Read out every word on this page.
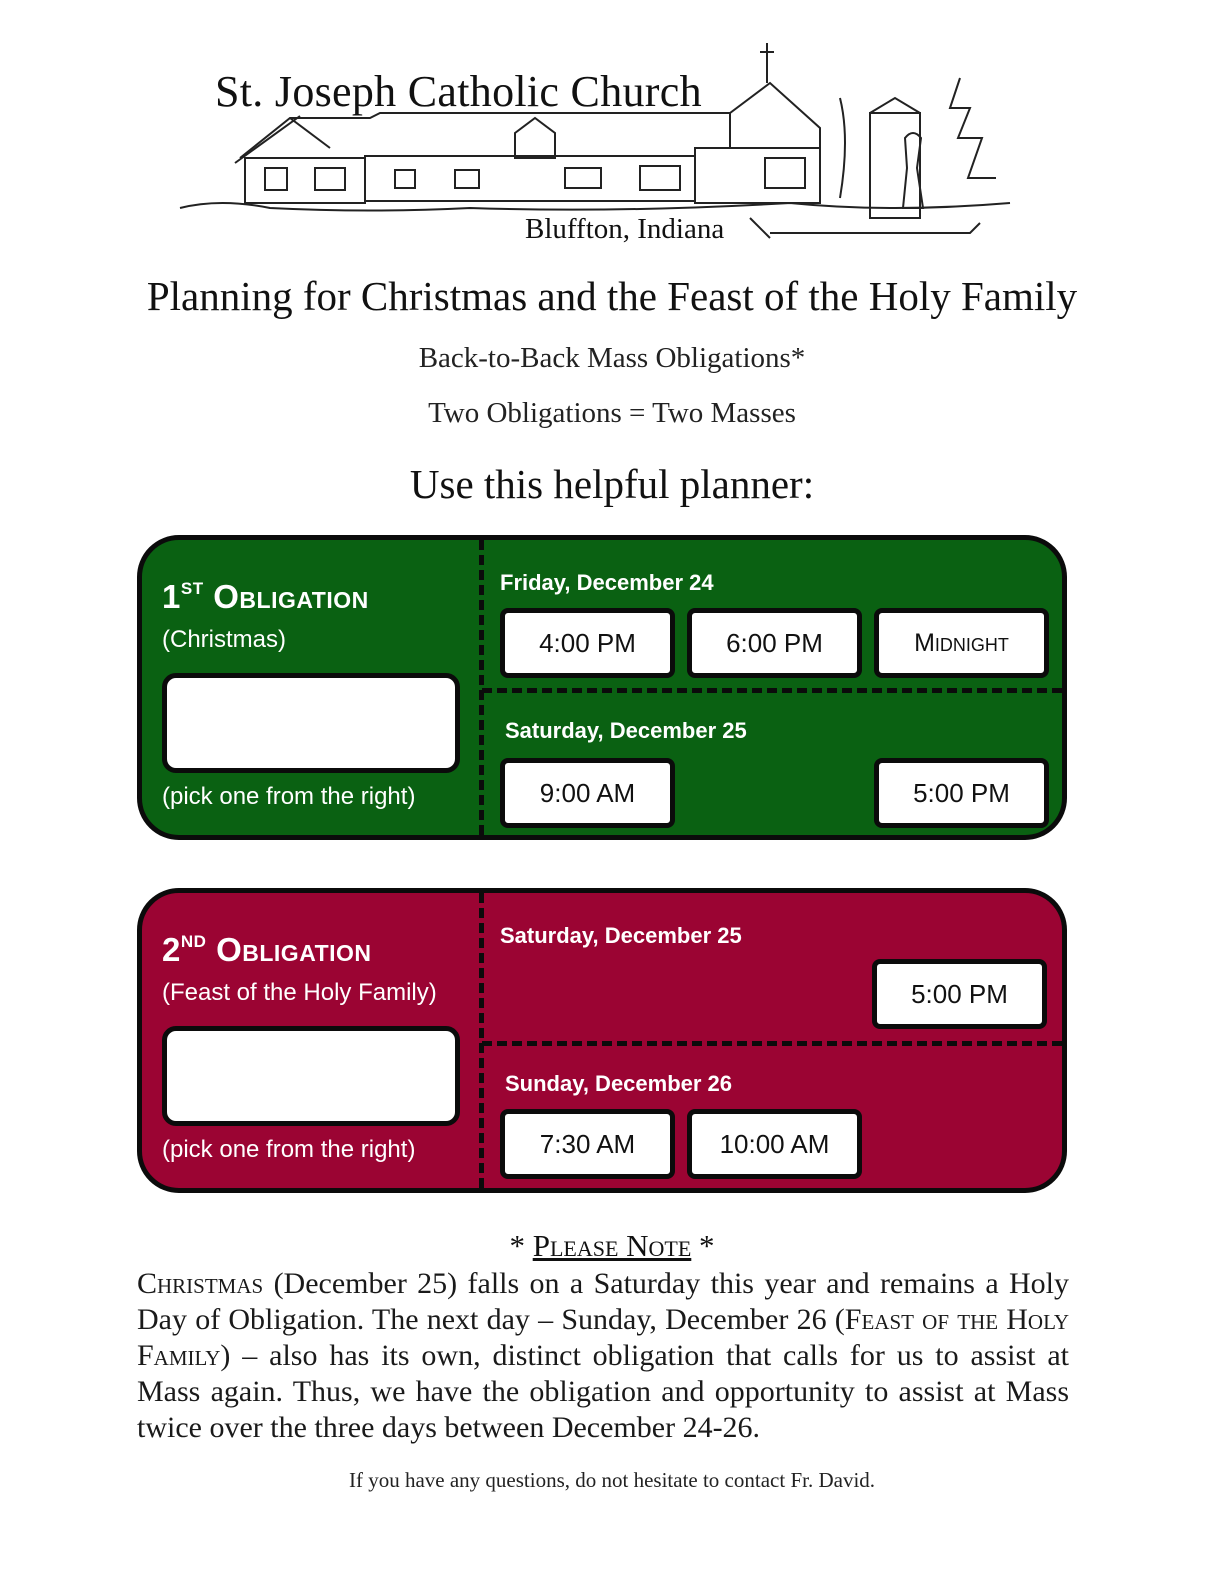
St. Joseph Catholic Church
Bluffton, Indiana
Planning for Christmas and the Feast of the Holy Family
Back-to-Back Mass Obligations*
Two Obligations = Two Masses
Use this helpful planner:
1ST Obligation
(Christmas)
(pick one from the right)
Friday, December 24
4:00 PM	6:00 PM	Midnight
Saturday, December 25
9:00 AM	5:00 PM
2ND Obligation
(Feast of the Holy Family)
(pick one from the right)
Saturday, December 25
5:00 PM
Sunday, December 26
7:30 AM	10:00 AM
* Please Note *
Christmas (December 25) falls on a Saturday this year and remains a Holy Day of Obligation. The next day – Sunday, December 26 (Feast of the Holy Family) – also has its own, distinct obligation that calls for us to assist at Mass again. Thus, we have the obligation and opportunity to assist at Mass twice over the three days between December 24-26.
If you have any questions, do not hesitate to contact Fr. David.
